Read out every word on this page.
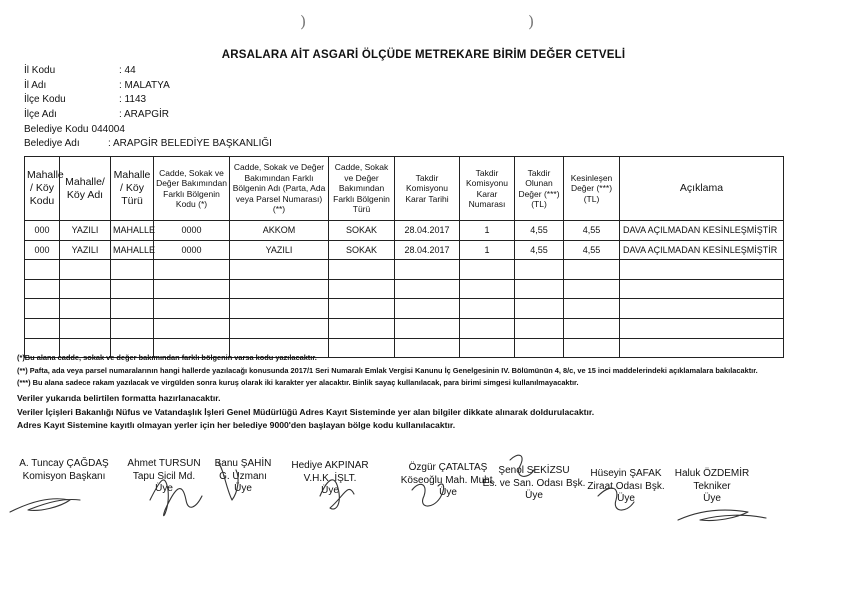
)	)
ARSALARA AİT ASGARİ ÖLÇÜDE METREKARE BİRİM DEĞER CETVELİ
İl Kodu	: 44
İl Adı	: MALATYA
İlçe Kodu	: 1143
İlçe Adı	: ARAPGİR
Belediye Kodu
: 044004
Belediye Adı	: ARAPGİR BELEDİYE BAŞKANLIĞI
Mahalle / Köy Kodu	Mahalle/ Köy Adı	Mahalle / Köy Türü	Cadde, Sokak ve Değer Bakımından Farklı Bölgenin Kodu (*)	Cadde, Sokak ve Değer Bakımından Farklı Bölgenin Adı (Parta, Ada veya Parsel Numarası)(**)	Cadde, Sokak ve Değer Bakımından Farklı Bölgenin Türü	Takdir Komisyonu Karar Tarihi	Takdir Komisyonu Karar Numarası	Takdir Olunan Değer (***) (TL)	Kesinleşen Değer (***) (TL)	Açıklama
000	YAZILI	MAHALLE	0000	AKKOM	SOKAK	28.04.2017	1	4,55	4,55	DAVA AÇILMADAN KESİNLEŞMİŞTİR
000	YAZILI	MAHALLE	0000	YAZILI	SOKAK	28.04.2017	1	4,55	4,55	DAVA AÇILMADAN KESİNLEŞMİŞTİR

(*)Bu alana cadde, sokak ve değer bakımından farklı bölgenin varsa kodu yazılacaktır.
(**) Pafta, ada veya parsel numaralarının hangi hallerde yazılacağı konusunda 2017/1 Seri Numaralı Emlak Vergisi Kanunu İç Genelgesinin IV. Bölümünün 4, 8/c, ve 15 inci maddelerindeki açıklamalara bakılacaktır.
(***) Bu alana sadece rakam yazılacak ve virgülden sonra kuruş olarak iki karakter yer alacaktır. Binlik sayaç kullanılacak, para birimi simgesi kullanılmayacaktır.
Veriler yukarıda belirtilen formatta hazırlanacaktır.
Veriler İçişleri Bakanlığı Nüfus ve Vatandaşlık İşleri Genel Müdürlüğü Adres Kayıt Sisteminde yer alan bilgiler dikkate alınarak doldurulacaktır.
Adres Kayıt Sistemine kayıtlı olmayan yerler için her belediye 9000'den başlayan bölge kodu kullanılacaktır.
A. Tuncay ÇAĞDAŞ
Komisyon Başkanı
Ahmet TURSUN
Tapu Sicil Md.
Üye
Banu ŞAHİN
G. Uzmanı
Üye
Hediye AKPINAR
V.H.K. İŞLT.
Üye
Özgür ÇATALTAŞ
Köseoğlu Mah. Muht.
Üye
Şenol SEKİZSU
Es. ve San. Odası Bşk.
Üye
Hüseyin ŞAFAK
Ziraat Odası Bşk.
Üye
Haluk ÖZDEMİR
Tekniker
Üye
